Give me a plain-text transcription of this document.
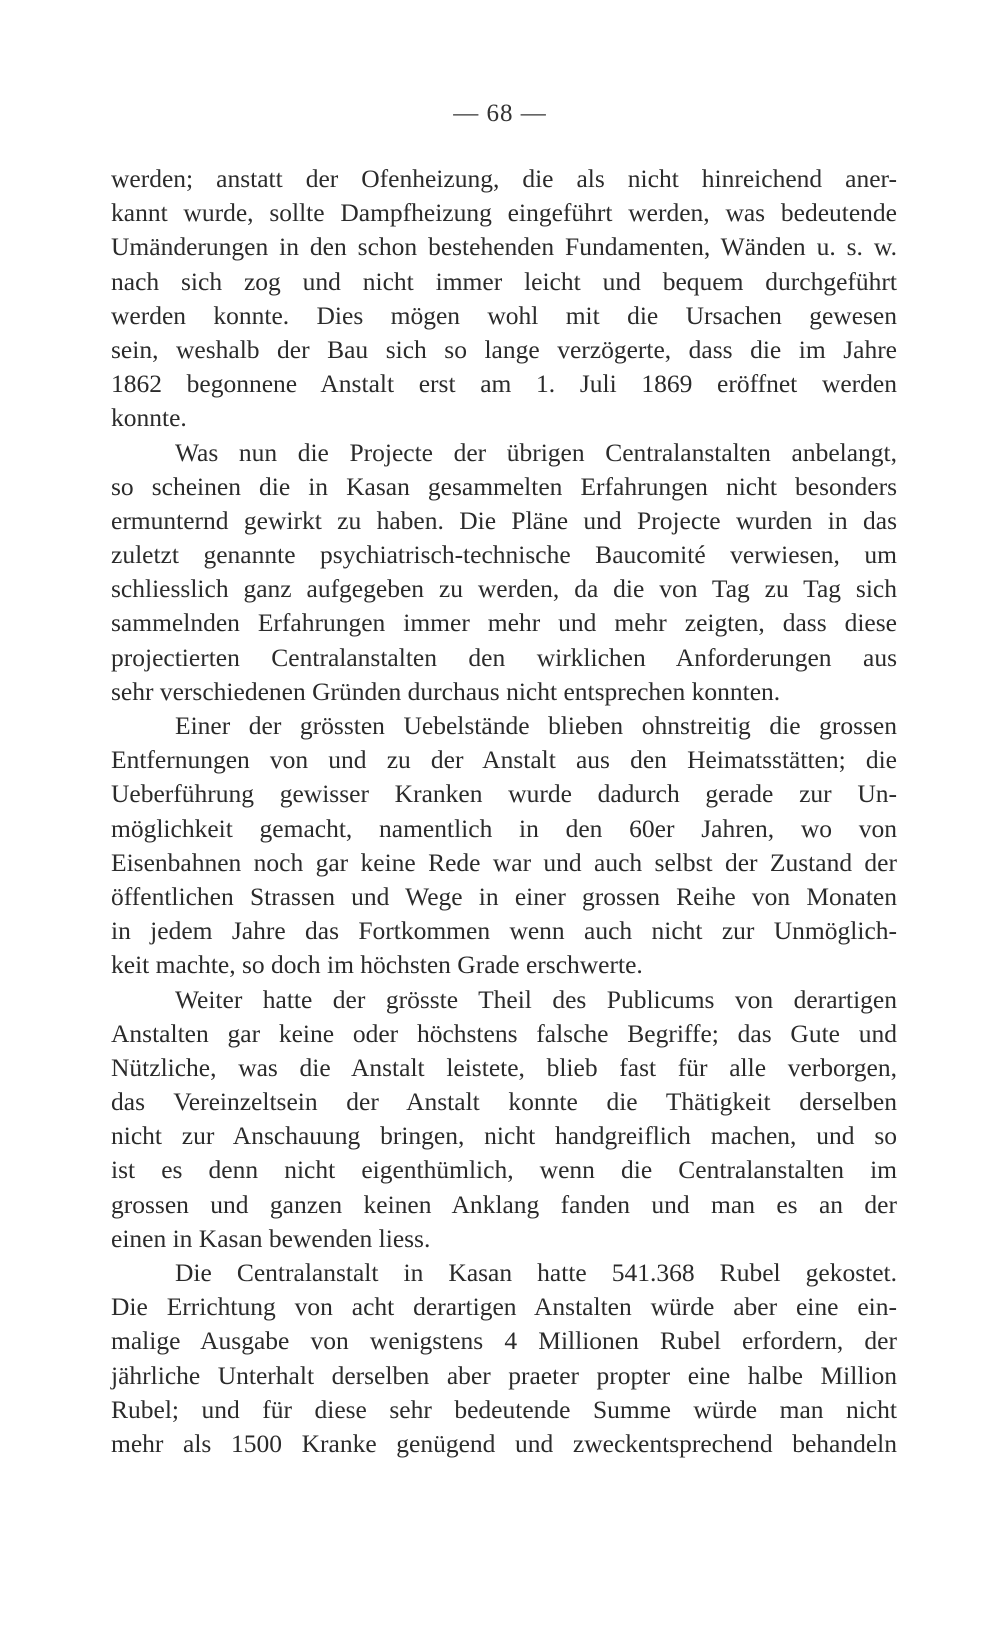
— 68 —
werden; anstatt der Ofenheizung, die als nicht hinreichend aner-
kannt wurde, sollte Dampfheizung eingeführt werden, was bedeutende
Umänderungen in den schon bestehenden Fundamenten, Wänden u. s. w.
nach sich zog und nicht immer leicht und bequem durchgeführt
werden konnte. Dies mögen wohl mit die Ursachen gewesen
sein, weshalb der Bau sich so lange verzögerte, dass die im Jahre
1862 begonnene Anstalt erst am 1. Juli 1869 eröffnet werden
konnte.
Was nun die Projecte der übrigen Centralanstalten anbelangt,
so scheinen die in Kasan gesammelten Erfahrungen nicht besonders
ermunternd gewirkt zu haben. Die Pläne und Projecte wurden in das
zuletzt genannte psychiatrisch-technische Baucomité verwiesen, um
schliesslich ganz aufgegeben zu werden, da die von Tag zu Tag sich
sammelnden Erfahrungen immer mehr und mehr zeigten, dass diese
projectierten Centralanstalten den wirklichen Anforderungen aus
sehr verschiedenen Gründen durchaus nicht entsprechen konnten.
Einer der grössten Uebelstände blieben ohnstreitig die grossen
Entfernungen von und zu der Anstalt aus den Heimatsstätten; die
Ueberführung gewisser Kranken wurde dadurch gerade zur Un-
möglichkeit gemacht, namentlich in den 60er Jahren, wo von
Eisenbahnen noch gar keine Rede war und auch selbst der Zustand der
öffentlichen Strassen und Wege in einer grossen Reihe von Monaten
in jedem Jahre das Fortkommen wenn auch nicht zur Unmöglich-
keit machte, so doch im höchsten Grade erschwerte.
Weiter hatte der grösste Theil des Publicums von derartigen
Anstalten gar keine oder höchstens falsche Begriffe; das Gute und
Nützliche, was die Anstalt leistete, blieb fast für alle verborgen,
das Vereinzeltsein der Anstalt konnte die Thätigkeit derselben
nicht zur Anschauung bringen, nicht handgreiflich machen, und so
ist es denn nicht eigenthümlich, wenn die Centralanstalten im
grossen und ganzen keinen Anklang fanden und man es an der
einen in Kasan bewenden liess.
Die Centralanstalt in Kasan hatte 541.368 Rubel gekostet.
Die Errichtung von acht derartigen Anstalten würde aber eine ein-
malige Ausgabe von wenigstens 4 Millionen Rubel erfordern, der
jährliche Unterhalt derselben aber praeter propter eine halbe Million
Rubel; und für diese sehr bedeutende Summe würde man nicht
mehr als 1500 Kranke genügend und zweckentsprechend behandeln
